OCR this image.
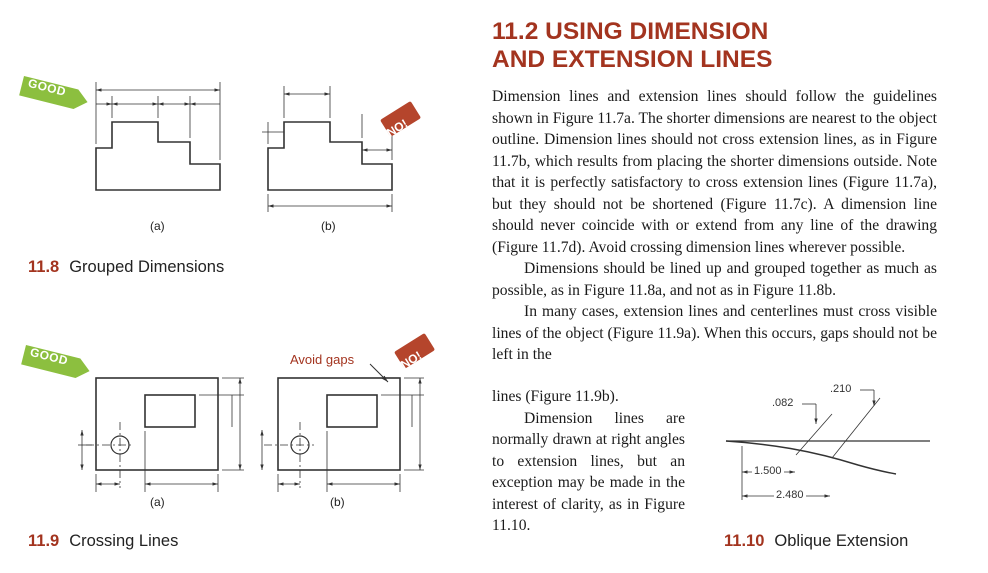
GOOD
NO!
(a)	(b)
11.8 Grouped Dimensions
GOOD	NO!
Avoid gaps
(a)	(b)
11.9 Crossing Lines
11.2 USING DIMENSION
AND EXTENSION LINES

Dimension lines and extension lines should follow the guidelines shown in Figure 11.7a. The shorter dimensions are nearest to the object outline. Dimension lines should not cross extension lines, as in Figure 11.7b, which results from placing the shorter dimensions outside. Note that it is perfectly satisfactory to cross extension lines (Figure 11.7a), but they should not be shortened (Figure 11.7c). A dimension line should never coincide with or extend from any line of the drawing (Figure 11.7d). Avoid crossing dimension lines wherever possible.

Dimensions should be lined up and grouped together as much as possible, as in Figure 11.8a, and not as in Figure 11.8b.

In many cases, extension lines and centerlines must cross visible lines of the object (Figure 11.9a). When this occurs, gaps should not be left in the

lines (Figure 11.9b).

Dimension lines are normally drawn at right angles to extension lines, but an exception may be made in the interest of clarity, as in Figure 11.10.

.082
.210
1.500
2.480
11.10 Oblique Extension
